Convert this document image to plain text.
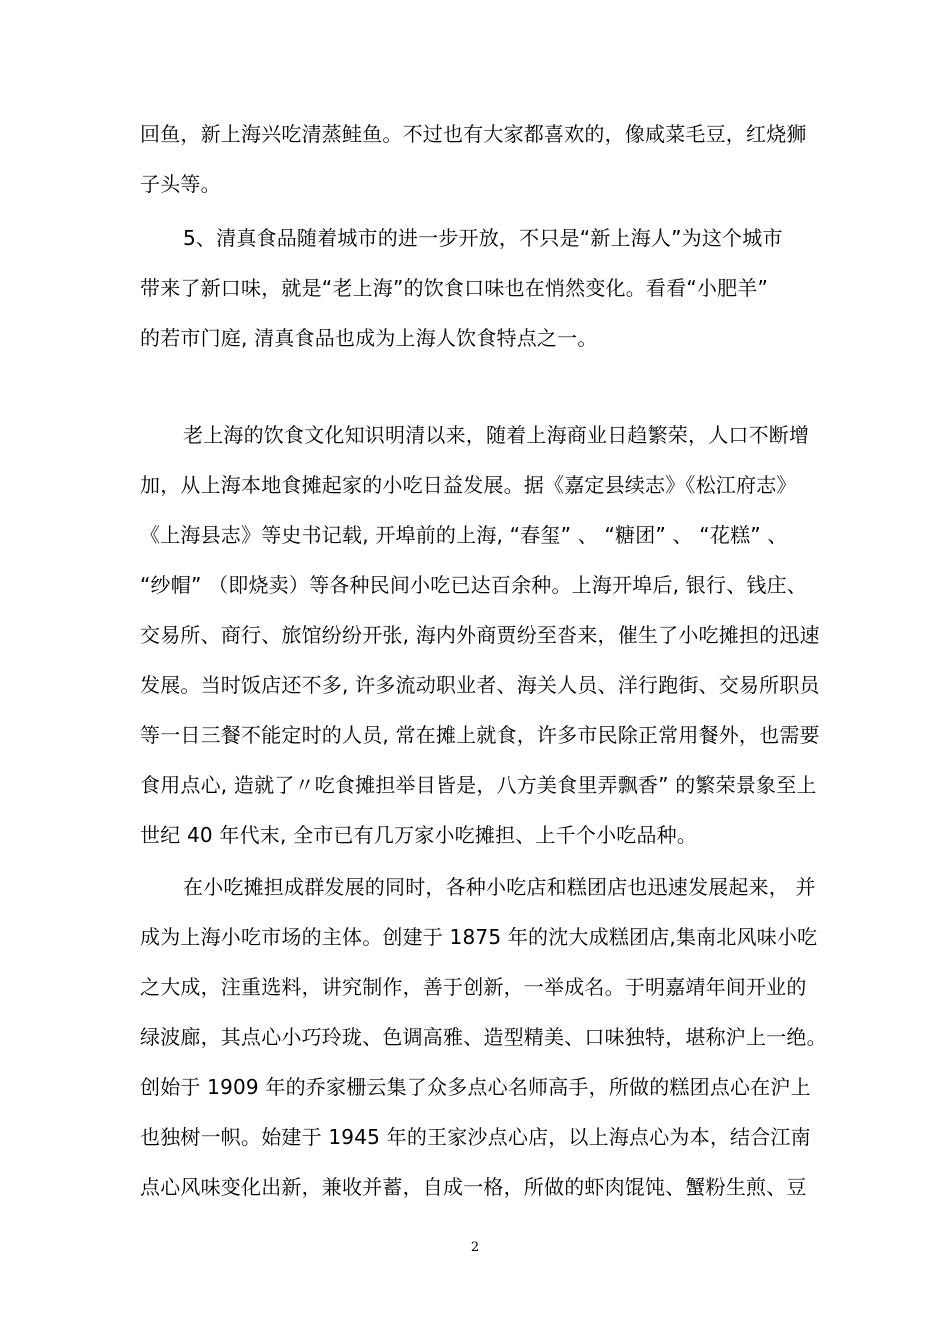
回鱼，新上海兴吃清蒸鲑鱼。不过也有大家都喜欢的，像咸菜毛豆，红烧狮
子头等。
5、清真食品随着城市的进一步开放，不只是“新上海人”为这个城市
带来了新口味，就是“老上海”的饮食口味也在悄然变化。看看“小肥羊”
的若市门庭, 清真食品也成为上海人饮食特点之一。
老上海的饮食文化知识明清以来，随着上海商业日趋繁荣，人口不断增
加，从上海本地食摊起家的小吃日益发展。据《嘉定县续志》《松江府志》
《上海县志》等史书记载, 开埠前的上海, “春玺” 、 “糖团” 、 “花糕” 、
“纱帽” （即烧卖）等各种民间小吃已达百余种。上海开埠后, 银行、钱庄、
交易所、商行、旅馆纷纷开张, 海内外商贾纷至沓来，催生了小吃摊担的迅速
发展。当时饭店还不多, 许多流动职业者、海关人员、洋行跑街、交易所职员
等一日三餐不能定时的人员, 常在摊上就食，许多市民除正常用餐外，也需要
食用点心, 造就了〃吃食摊担举目皆是，八方美食里弄飘香” 的繁荣景象至上
世纪 40 年代末, 全市已有几万家小吃摊担、上千个小吃品种。
在小吃摊担成群发展的同时，各种小吃店和糕团店也迅速发展起来， 并
成为上海小吃市场的主体。创建于 1875 年的沈大成糕团店,集南北风味小吃
之大成，注重选料，讲究制作，善于创新，一举成名。于明嘉靖年间开业的
绿波廊，其点心小巧玲珑、色调高雅、造型精美、口味独特，堪称沪上一绝。
创始于 1909 年的乔家栅云集了众多点心名师高手，所做的糕团点心在沪上
也独树一帜。始建于 1945 年的王家沙点心店，以上海点心为本，结合江南
点心风味变化出新，兼收并蓄，自成一格，所做的虾肉馄饨、蟹粉生煎、豆
2
